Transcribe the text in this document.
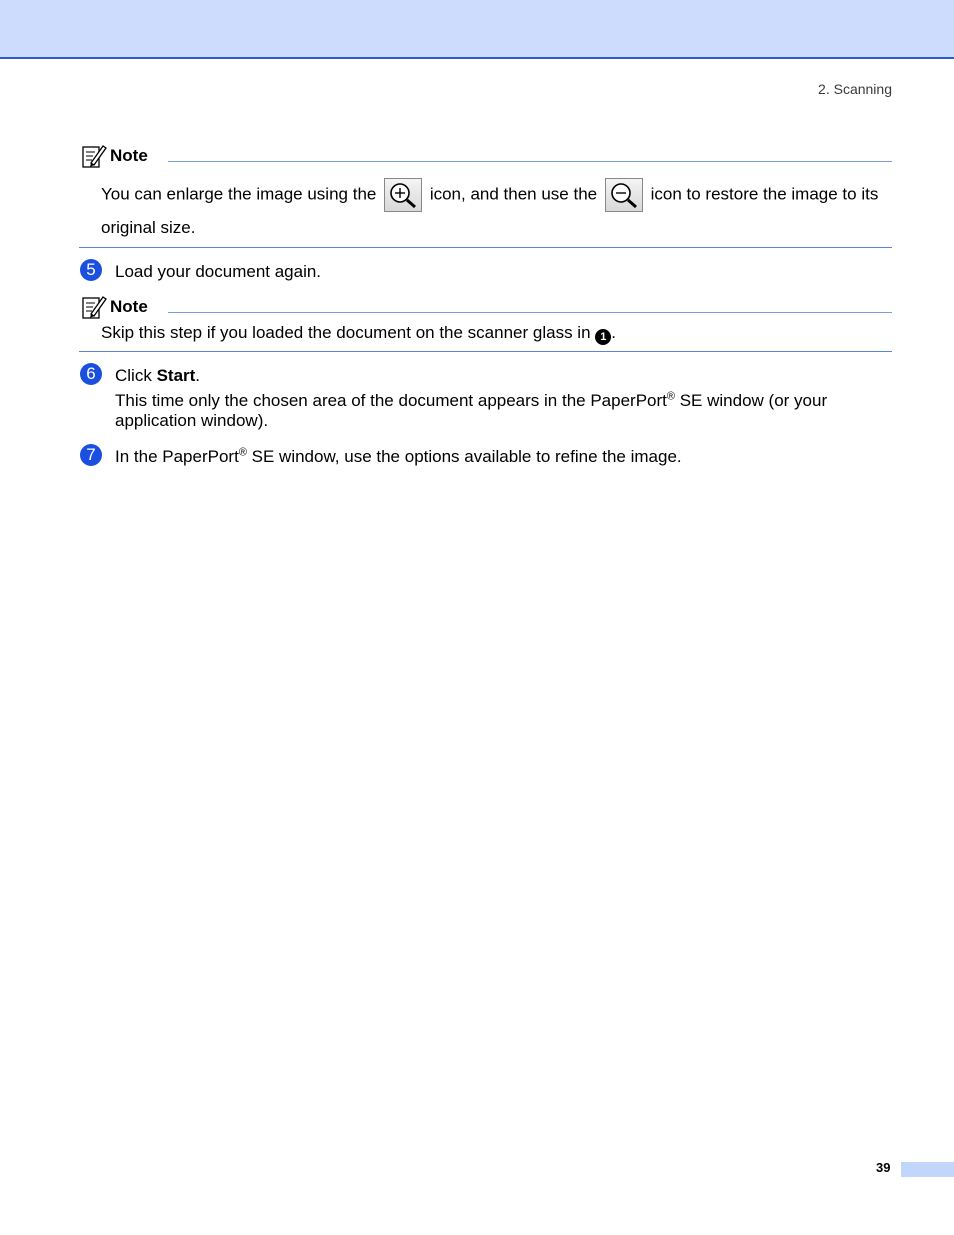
2. Scanning
Note
You can enlarge the image using the	icon, and then use the	icon to restore the image to its
original size.
5	Load your document again.
Note
Skip this step if you loaded the document on the scanner glass in 1 .
6	Click Start.
This time only the chosen area of the document appears in the PaperPort® SE window (or your
application window).
7	In the PaperPort® SE window, use the options available to refine the image.
39
